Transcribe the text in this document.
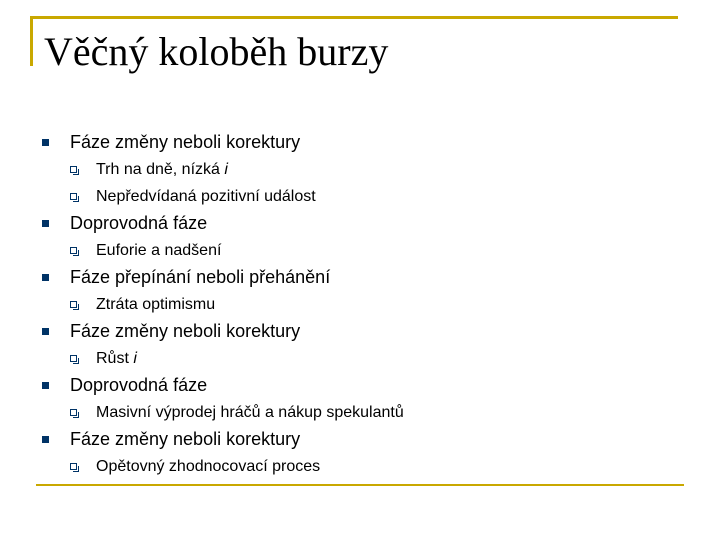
Věčný koloběh burzy
Fáze změny neboli korektury
Trh na dně, nízká i
Nepředvídaná pozitivní událost
Doprovodná fáze
Euforie a nadšení
Fáze přepínání neboli přehánění
Ztráta optimismu
Fáze změny neboli korektury
Růst i
Doprovodná fáze
Masivní výprodej hráčů a nákup spekulantů
Fáze změny neboli korektury
Opětovný zhodnocovací proces
